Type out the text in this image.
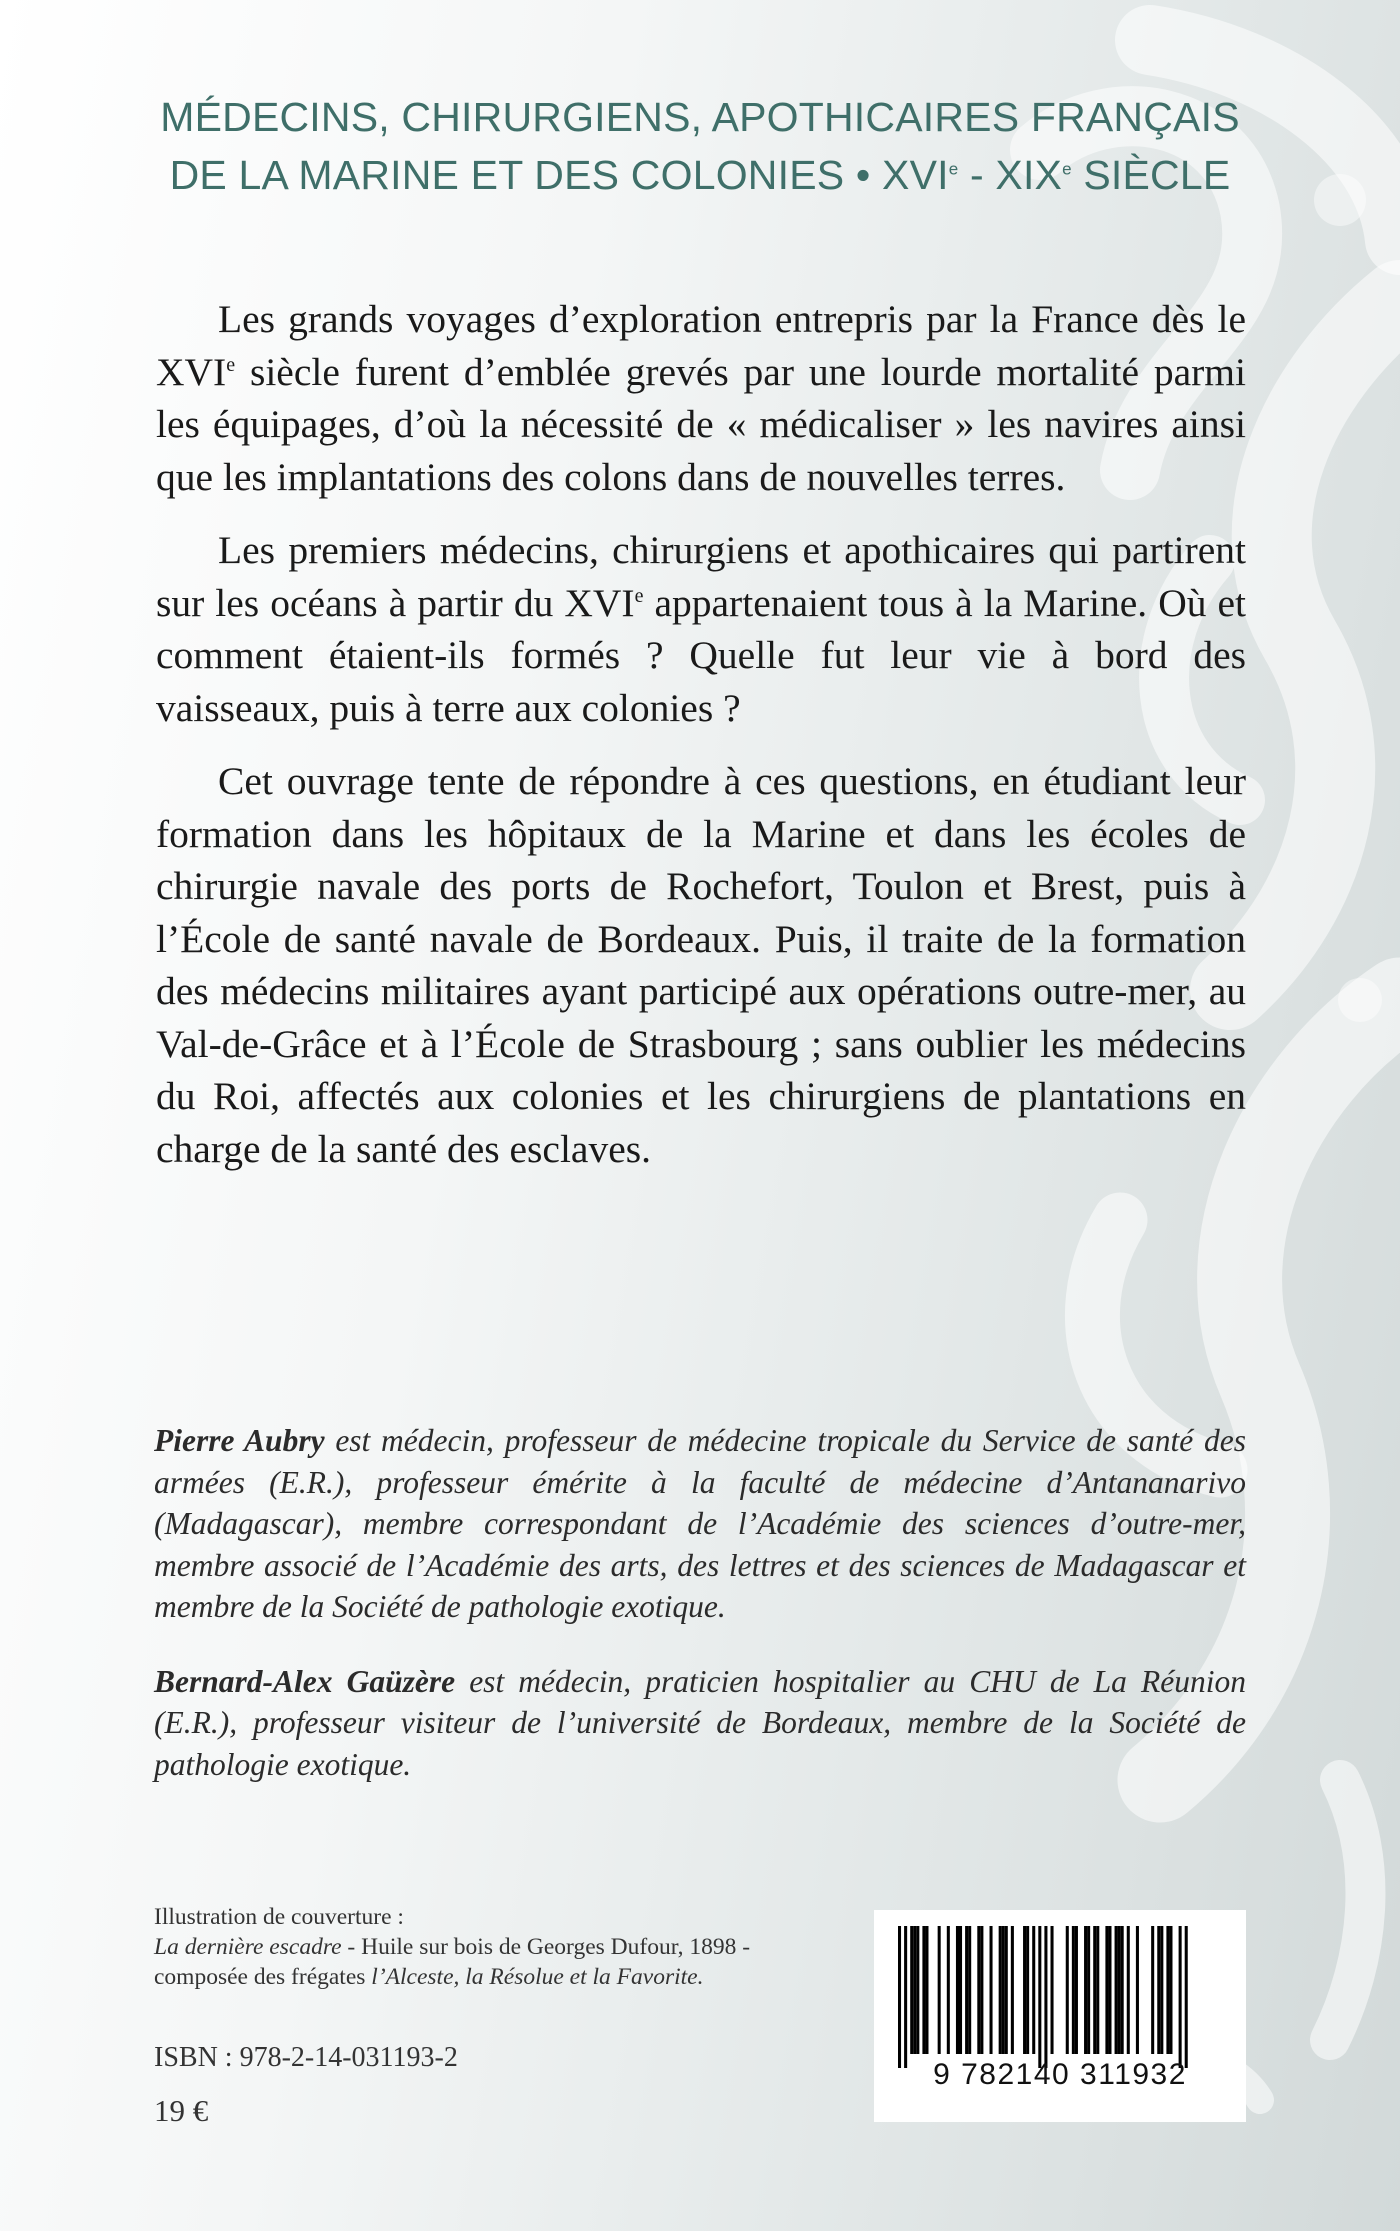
MÉDECINS, CHIRURGIENS, APOTHICAIRES FRANÇAIS
DE LA MARINE ET DES COLONIES • XVIe - XIXe SIÈCLE

Les grands voyages d’exploration entrepris par la France dès le XVIe siècle furent d’emblée grevés par une lourde mortalité parmi les équipages, d’où la nécessité de « médicaliser » les navires ainsi que les implantations des colons dans de nouvelles terres.

Les premiers médecins, chirurgiens et apothicaires qui partirent sur les océans à partir du XVIe appartenaient tous à la Marine. Où et comment étaient-ils formés ? Quelle fut leur vie à bord des vaisseaux, puis à terre aux colonies ?

Cet ouvrage tente de répondre à ces questions, en étudiant leur formation dans les hôpitaux de la Marine et dans les écoles de chirurgie navale des ports de Rochefort, Toulon et Brest, puis à l’École de santé navale de Bordeaux. Puis, il traite de la formation des médecins militaires ayant participé aux opérations outre-mer, au Val-de-Grâce et à l’École de Strasbourg ; sans oublier les médecins du Roi, affectés aux colonies et les chirurgiens de plantations en charge de la santé des esclaves.

Pierre Aubry est médecin, professeur de médecine tropicale du Service de santé des armées (E.R.), professeur émérite à la faculté de médecine d’Antananarivo (Madagascar), membre correspondant de l’Académie des sciences d’outre-mer, membre associé de l’Académie des arts, des lettres et des sciences de Madagascar et membre de la Société de pathologie exotique.

Bernard-Alex Gaüzère est médecin, praticien hospitalier au CHU de La Réunion (E.R.), professeur visiteur de l’université de Bordeaux, membre de la Société de pathologie exotique.

Illustration de couverture :

La dernière escadre - Huile sur bois de Georges Dufour, 1898 -

composée des frégates l’Alceste, la Résolue et la Favorite.

ISBN : 978-2-14-031193-2
19 €
9 782140 311932
